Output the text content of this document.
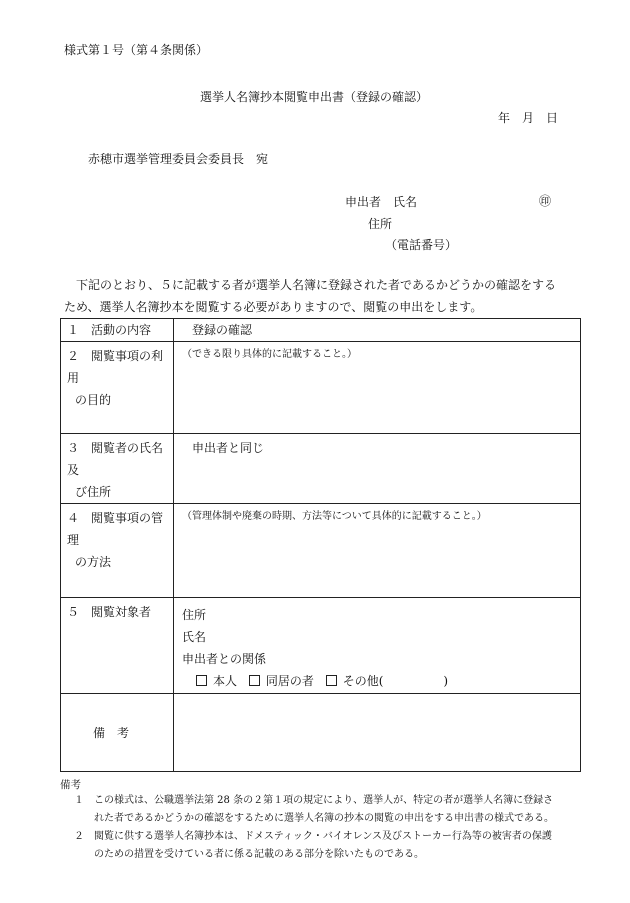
様式第１号（第４条関係）
選挙人名簿抄本閲覧申出書（登録の確認）
年　月　日
赤穂市選挙管理委員会委員長　宛
申出者　氏名	㊞
住所
（電話番号）
下記のとおり、５に記載する者が選挙人名簿に登録された者であるかどうかの確認をするため、選挙人名簿抄本を閲覧する必要がありますので、閲覧の申出をします。
１　活動の内容	登録の確認

２　閲覧事項の利用
の目的	（できる限り具体的に記載すること。）

３　閲覧者の氏名及
び住所	申出者と同じ

４　閲覧事項の管理
の方法	（管理体制や廃棄の時期、方法等について具体的に記載すること。）

５　閲覧対象者	住所
氏名
申出者との関係
本人 同居の者 その他(　　　　　)

備考	
備考
１ この様式は、公職選挙法第 28 条の２第１項の規定により、選挙人が、特定の者が選挙人名簿に登録さ
れた者であるかどうかの確認をするために選挙人名簿の抄本の閲覧の申出をする申出書の様式である。
２ 閲覧に供する選挙人名簿抄本は、ドメスティック・バイオレンス及びストーカー行為等の被害者の保護
のための措置を受けている者に係る記載のある部分を除いたものである。
